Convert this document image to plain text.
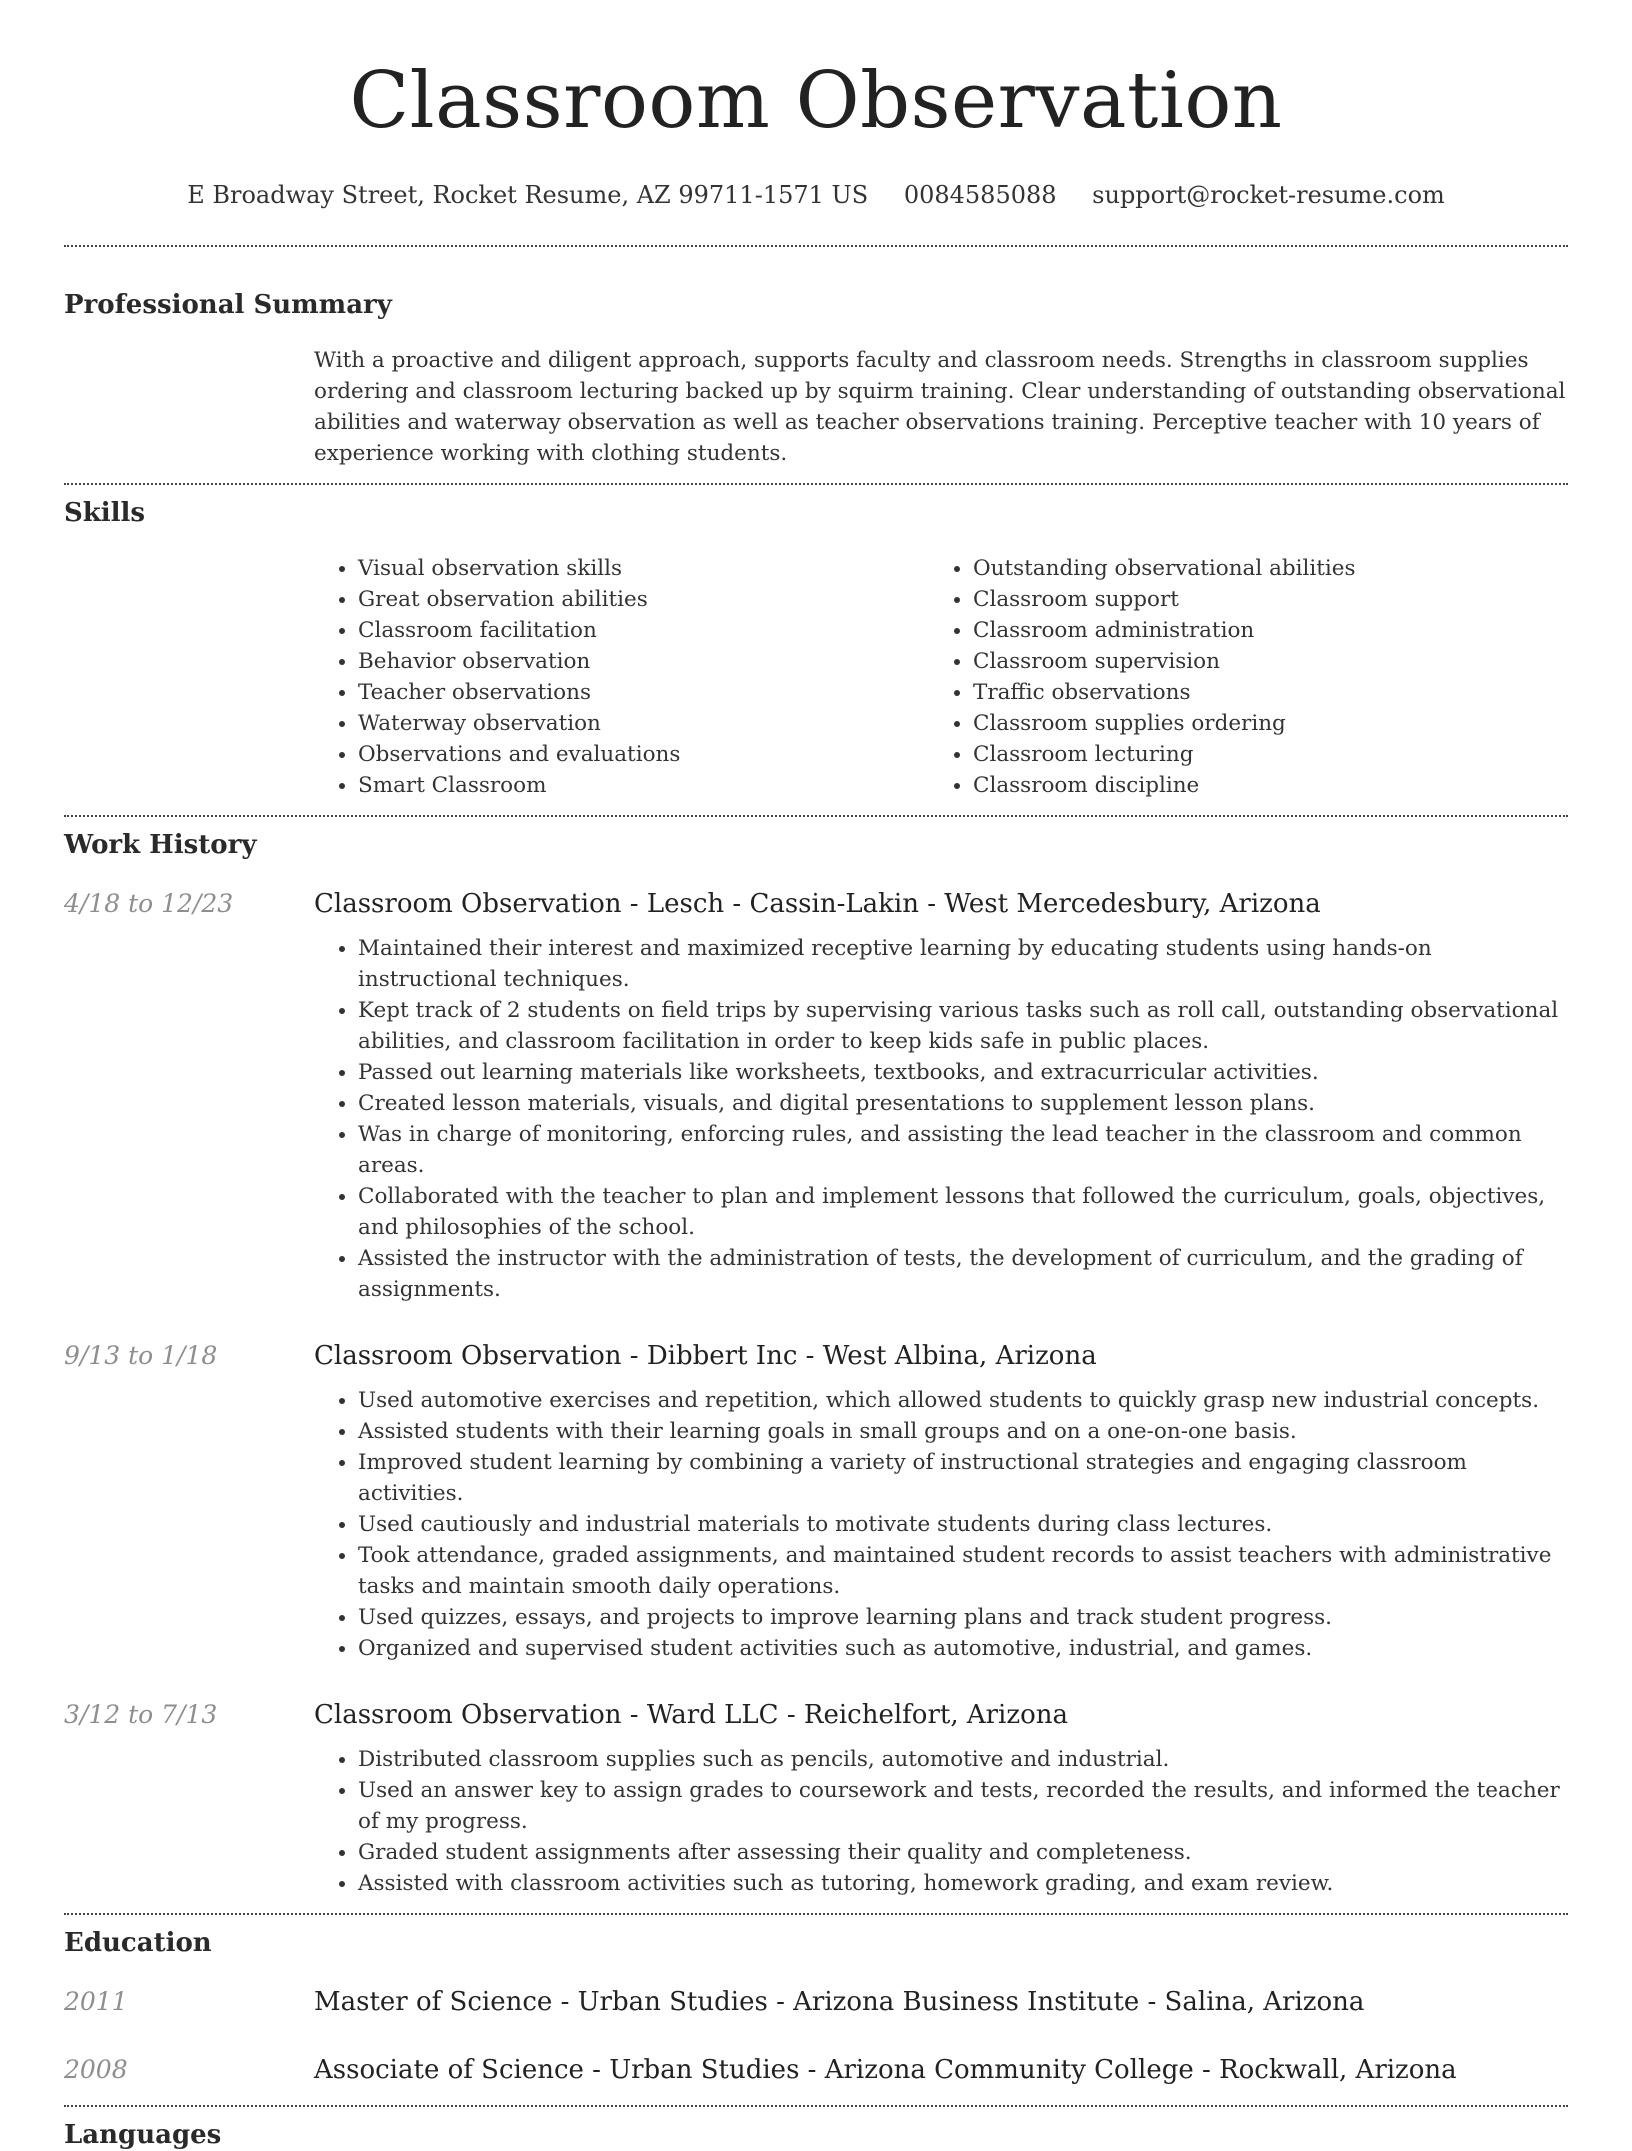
Classroom Observation
E Broadway Street, Rocket Resume, AZ 99711-1571 US 0084585088 support@rocket-resume.com
Professional Summary
With a proactive and diligent approach, supports faculty and classroom needs. Strengths in classroom supplies ordering and classroom lecturing backed up by squirm training. Clear understanding of outstanding observational abilities and waterway observation as well as teacher observations training. Perceptive teacher with 10 years of experience working with clothing students.
Skills
• Visual observation skills
• Great observation abilities
• Classroom facilitation
• Behavior observation
• Teacher observations
• Waterway observation
• Observations and evaluations
• Smart Classroom
• Outstanding observational abilities
• Classroom support
• Classroom administration
• Classroom supervision
• Traffic observations
• Classroom supplies ordering
• Classroom lecturing
• Classroom discipline
Work History
4/18 to 12/23	Classroom Observation - Lesch - Cassin-Lakin - West Mercedesbury, Arizona
• Maintained their interest and maximized receptive learning by educating students using hands-on instructional techniques.
• Kept track of 2 students on field trips by supervising various tasks such as roll call, outstanding observational abilities, and classroom facilitation in order to keep kids safe in public places.
• Passed out learning materials like worksheets, textbooks, and extracurricular activities.
• Created lesson materials, visuals, and digital presentations to supplement lesson plans.
• Was in charge of monitoring, enforcing rules, and assisting the lead teacher in the classroom and common areas.
• Collaborated with the teacher to plan and implement lessons that followed the curriculum, goals, objectives, and philosophies of the school.
• Assisted the instructor with the administration of tests, the development of curriculum, and the grading of assignments.
9/13 to 1/18	Classroom Observation - Dibbert Inc - West Albina, Arizona
• Used automotive exercises and repetition, which allowed students to quickly grasp new industrial concepts.
• Assisted students with their learning goals in small groups and on a one-on-one basis.
• Improved student learning by combining a variety of instructional strategies and engaging classroom activities.
• Used cautiously and industrial materials to motivate students during class lectures.
• Took attendance, graded assignments, and maintained student records to assist teachers with administrative tasks and maintain smooth daily operations.
• Used quizzes, essays, and projects to improve learning plans and track student progress.
• Organized and supervised student activities such as automotive, industrial, and games.
3/12 to 7/13	Classroom Observation - Ward LLC - Reichelfort, Arizona
• Distributed classroom supplies such as pencils, automotive and industrial.
• Used an answer key to assign grades to coursework and tests, recorded the results, and informed the teacher of my progress.
• Graded student assignments after assessing their quality and completeness.
• Assisted with classroom activities such as tutoring, homework grading, and exam review.
Education
2011	Master of Science - Urban Studies - Arizona Business Institute - Salina, Arizona
2008	Associate of Science - Urban Studies - Arizona Community College - Rockwall, Arizona
Languages
